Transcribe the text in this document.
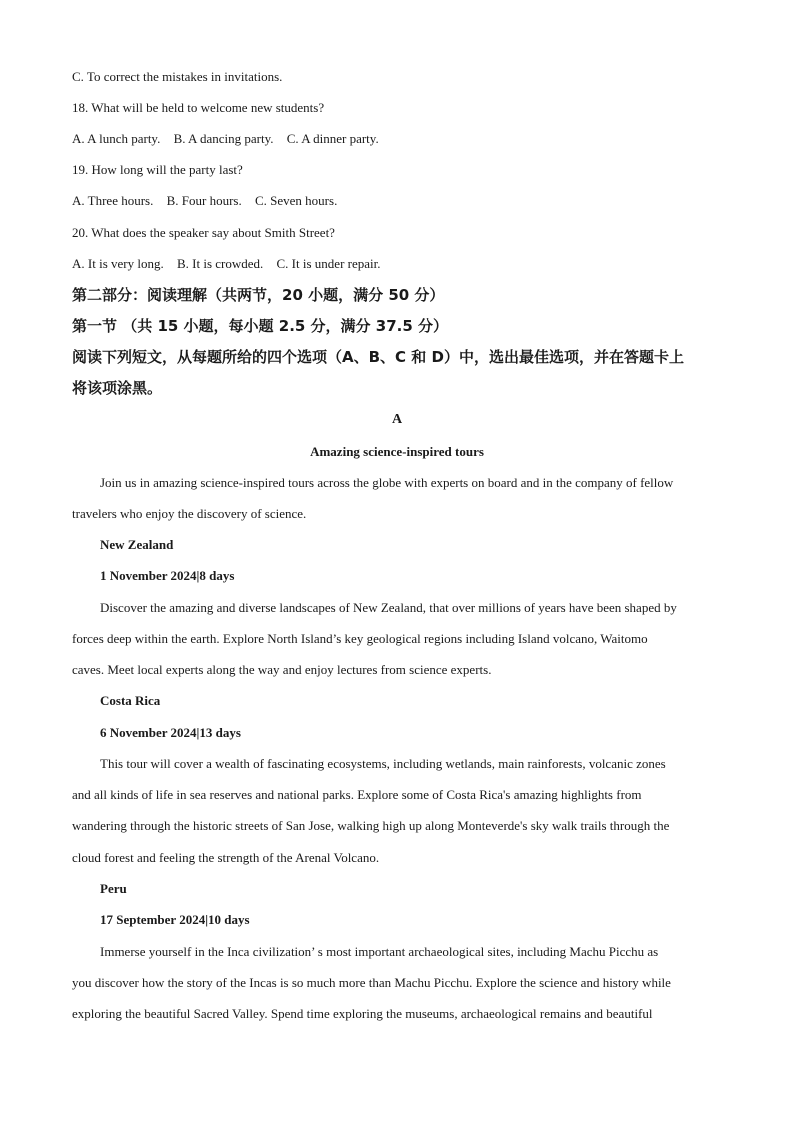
C. To correct the mistakes in invitations.
18. What will be held to welcome new students?
A. A lunch party. B. A dancing party. C. A dinner party.
19. How long will the party last?
A. Three hours. B. Four hours. C. Seven hours.
20. What does the speaker say about Smith Street?
A. It is very long. B. It is crowded. C. It is under repair.
第二部分：阅读理解（共两节，20 小题，满分 50 分）
第一节 （共 15 小题，每小题 2.5 分，满分 37.5 分）
阅读下列短文，从每题所给的四个选项（A、B、C 和 D）中，选出最佳选项，并在答题卡上
将该项涂黑。
A
Amazing science-inspired tours
Join us in amazing science-inspired tours across the globe with experts on board and in the company of fellow
travelers who enjoy the discovery of science.
New Zealand
1 November 2024|8 days
Discover the amazing and diverse landscapes of New Zealand, that over millions of years have been shaped by
forces deep within the earth. Explore North Island’s key geological regions including Island volcano, Waitomo
caves. Meet local experts along the way and enjoy lectures from science experts.
Costa Rica
6 November 2024|13 days
This tour will cover a wealth of fascinating ecosystems, including wetlands, main rainforests, volcanic zones
and all kinds of life in sea reserves and national parks. Explore some of Costa Rica's amazing highlights from
wandering through the historic streets of San Jose, walking high up along Monteverde's sky walk trails through the
cloud forest and feeling the strength of the Arenal Volcano.
Peru
17 September 2024|10 days
Immerse yourself in the Inca civilization’ s most important archaeological sites, including Machu Picchu as
you discover how the story of the Incas is so much more than Machu Picchu. Explore the science and history while
exploring the beautiful Sacred Valley. Spend time exploring the museums, archaeological remains and beautiful
